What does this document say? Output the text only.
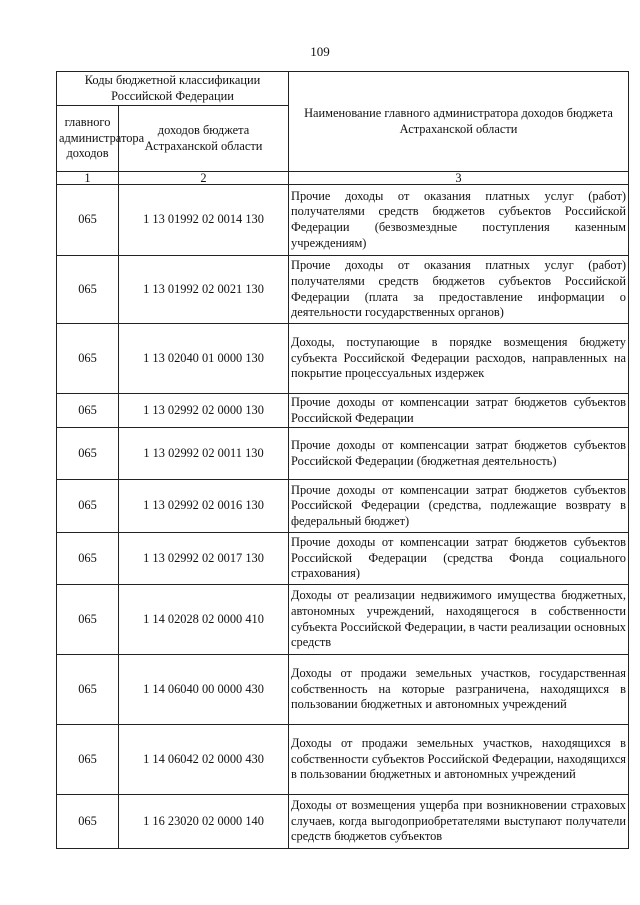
109
Коды бюджетной классификации Российской Федерации		Наименование главного администратора доходов бюджета Астраханской области
главного администратора доходов	доходов бюджета Астраханской области	
1	2	3
065	1 13 01992 02 0014 130	Прочие доходы от оказания платных услуг (работ) получателями средств бюджетов субъектов Российской Федерации (безвозмездные поступления казенным учреждениям)
065	1 13 01992 02 0021 130	Прочие доходы от оказания платных услуг (работ) получателями средств бюджетов субъектов Российской Федерации (плата за предоставление информации о деятельности государственных органов)
065	1 13 02040 01 0000 130	Доходы, поступающие в порядке возмещения бюджету субъекта Российской Федерации расходов, направленных на покрытие процессуальных издержек
065	1 13 02992 02 0000 130	Прочие доходы от компенсации затрат бюджетов субъектов Российской Федерации
065	1 13 02992 02 0011 130	Прочие доходы от компенсации затрат бюджетов субъектов Российской Федерации (бюджетная деятельность)
065	1 13 02992 02 0016 130	Прочие доходы от компенсации затрат бюджетов субъектов Российской Федерации (средства, подлежащие возврату в федеральный бюджет)
065	1 13 02992 02 0017 130	Прочие доходы от компенсации затрат бюджетов субъектов Российской Федерации (средства Фонда социального страхования)
065	1 14 02028 02 0000 410	Доходы от реализации недвижимого имущества бюджетных, автономных учреждений, находящегося в собственности субъекта Российской Федерации, в части реализации основных средств
065	1 14 06040 00 0000 430	Доходы от продажи земельных участков, государственная собственность на которые разграничена, находящихся в пользовании бюджетных и автономных учреждений
065	1 14 06042 02 0000 430	Доходы от продажи земельных участков, находящихся в собственности субъектов Российской Федерации, находящихся в пользовании бюджетных и автономных учреждений
065	1 16 23020 02 0000 140	Доходы от возмещения ущерба при возникновении страховых случаев, когда выгодоприобретателями выступают получатели средств бюджетов субъектов
